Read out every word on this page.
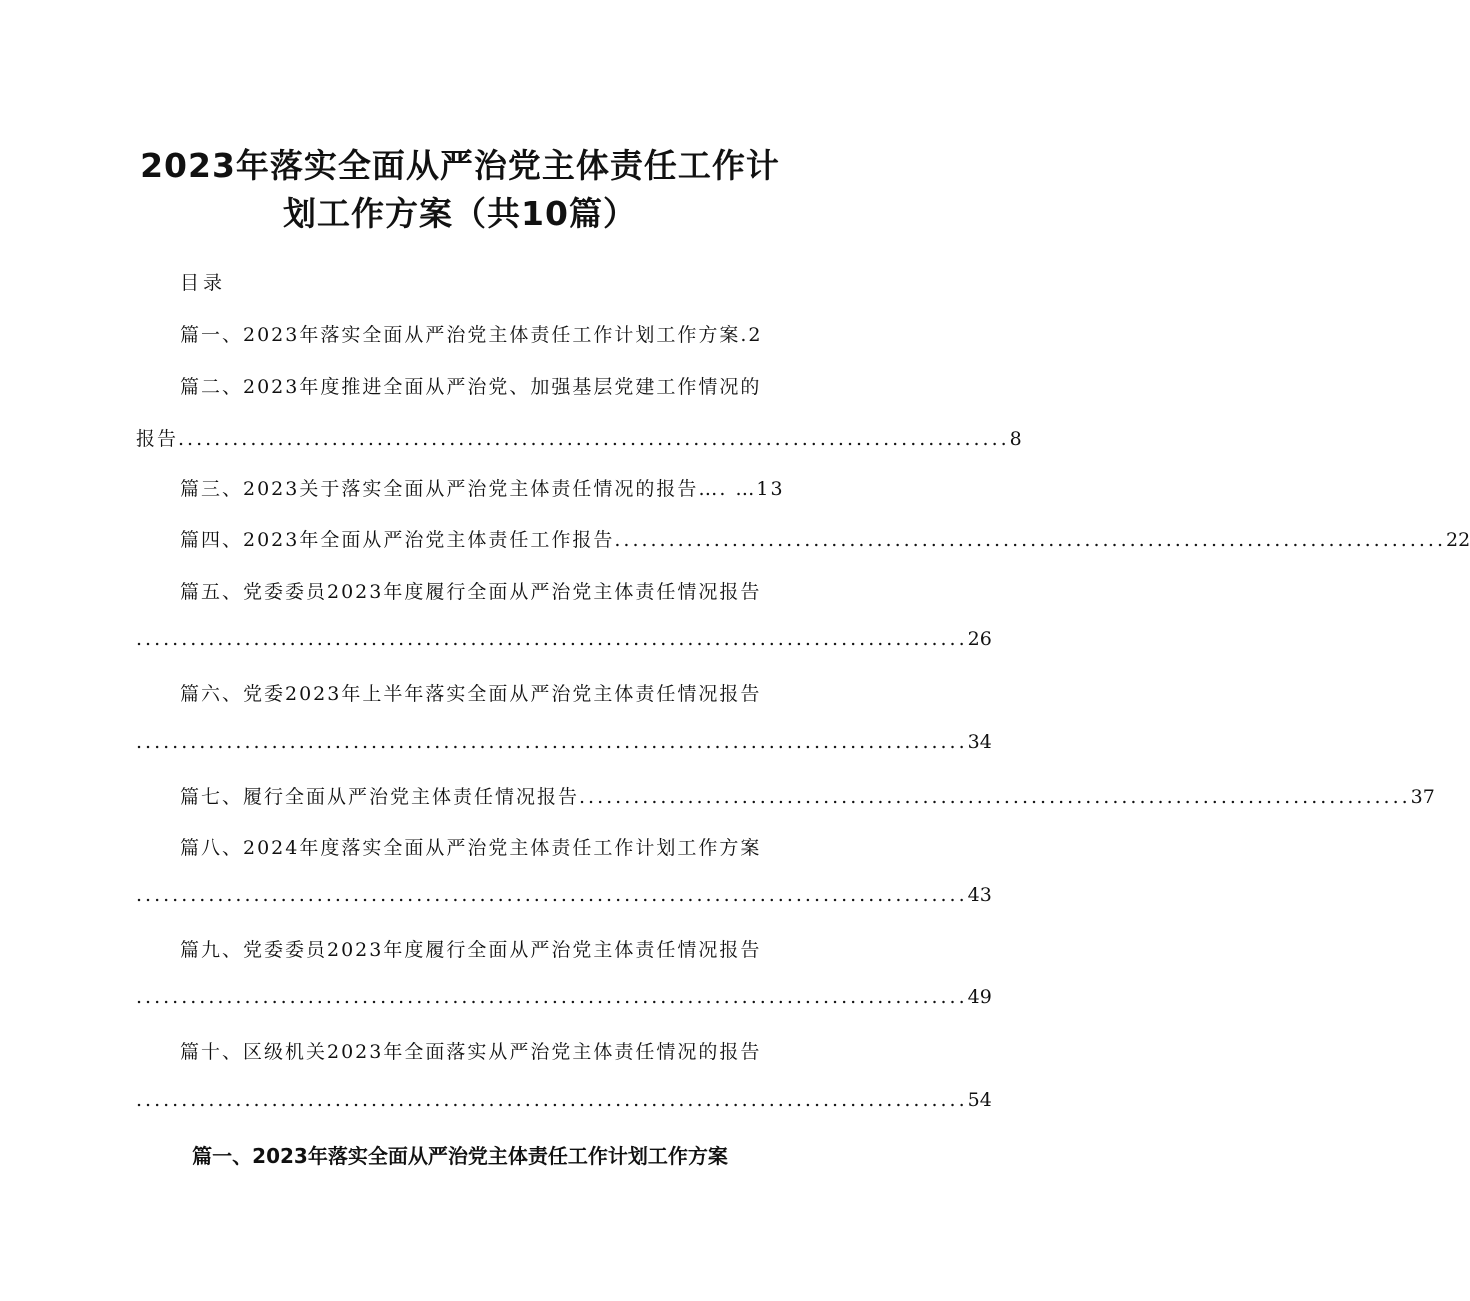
2023年落实全面从严治党主体责任工作计
划工作方案（共10篇）
目录
篇一、2023年落实全面从严治党主体责任工作计划工作方案.2
篇二、2023年度推进全面从严治党、加强基层党建工作情况的
报告 ............................................................................................ 8
篇三、2023关于落实全面从严治党主体责任情况的报告…. …13
篇四、2023年全面从严治党主体责任工作报告 ............................................................................................ 22
篇五、党委委员2023年度履行全面从严治党主体责任情况报告
............................................................................................ 26
篇六、党委2023年上半年落实全面从严治党主体责任情况报告
............................................................................................ 34
篇七、履行全面从严治党主体责任情况报告 ............................................................................................ 37
篇八、2024年度落实全面从严治党主体责任工作计划工作方案
............................................................................................ 43
篇九、党委委员2023年度履行全面从严治党主体责任情况报告
............................................................................................ 49
篇十、区级机关2023年全面落实从严治党主体责任情况的报告
............................................................................................ 54
篇一、2023年落实全面从严治党主体责任工作计划工作方案
